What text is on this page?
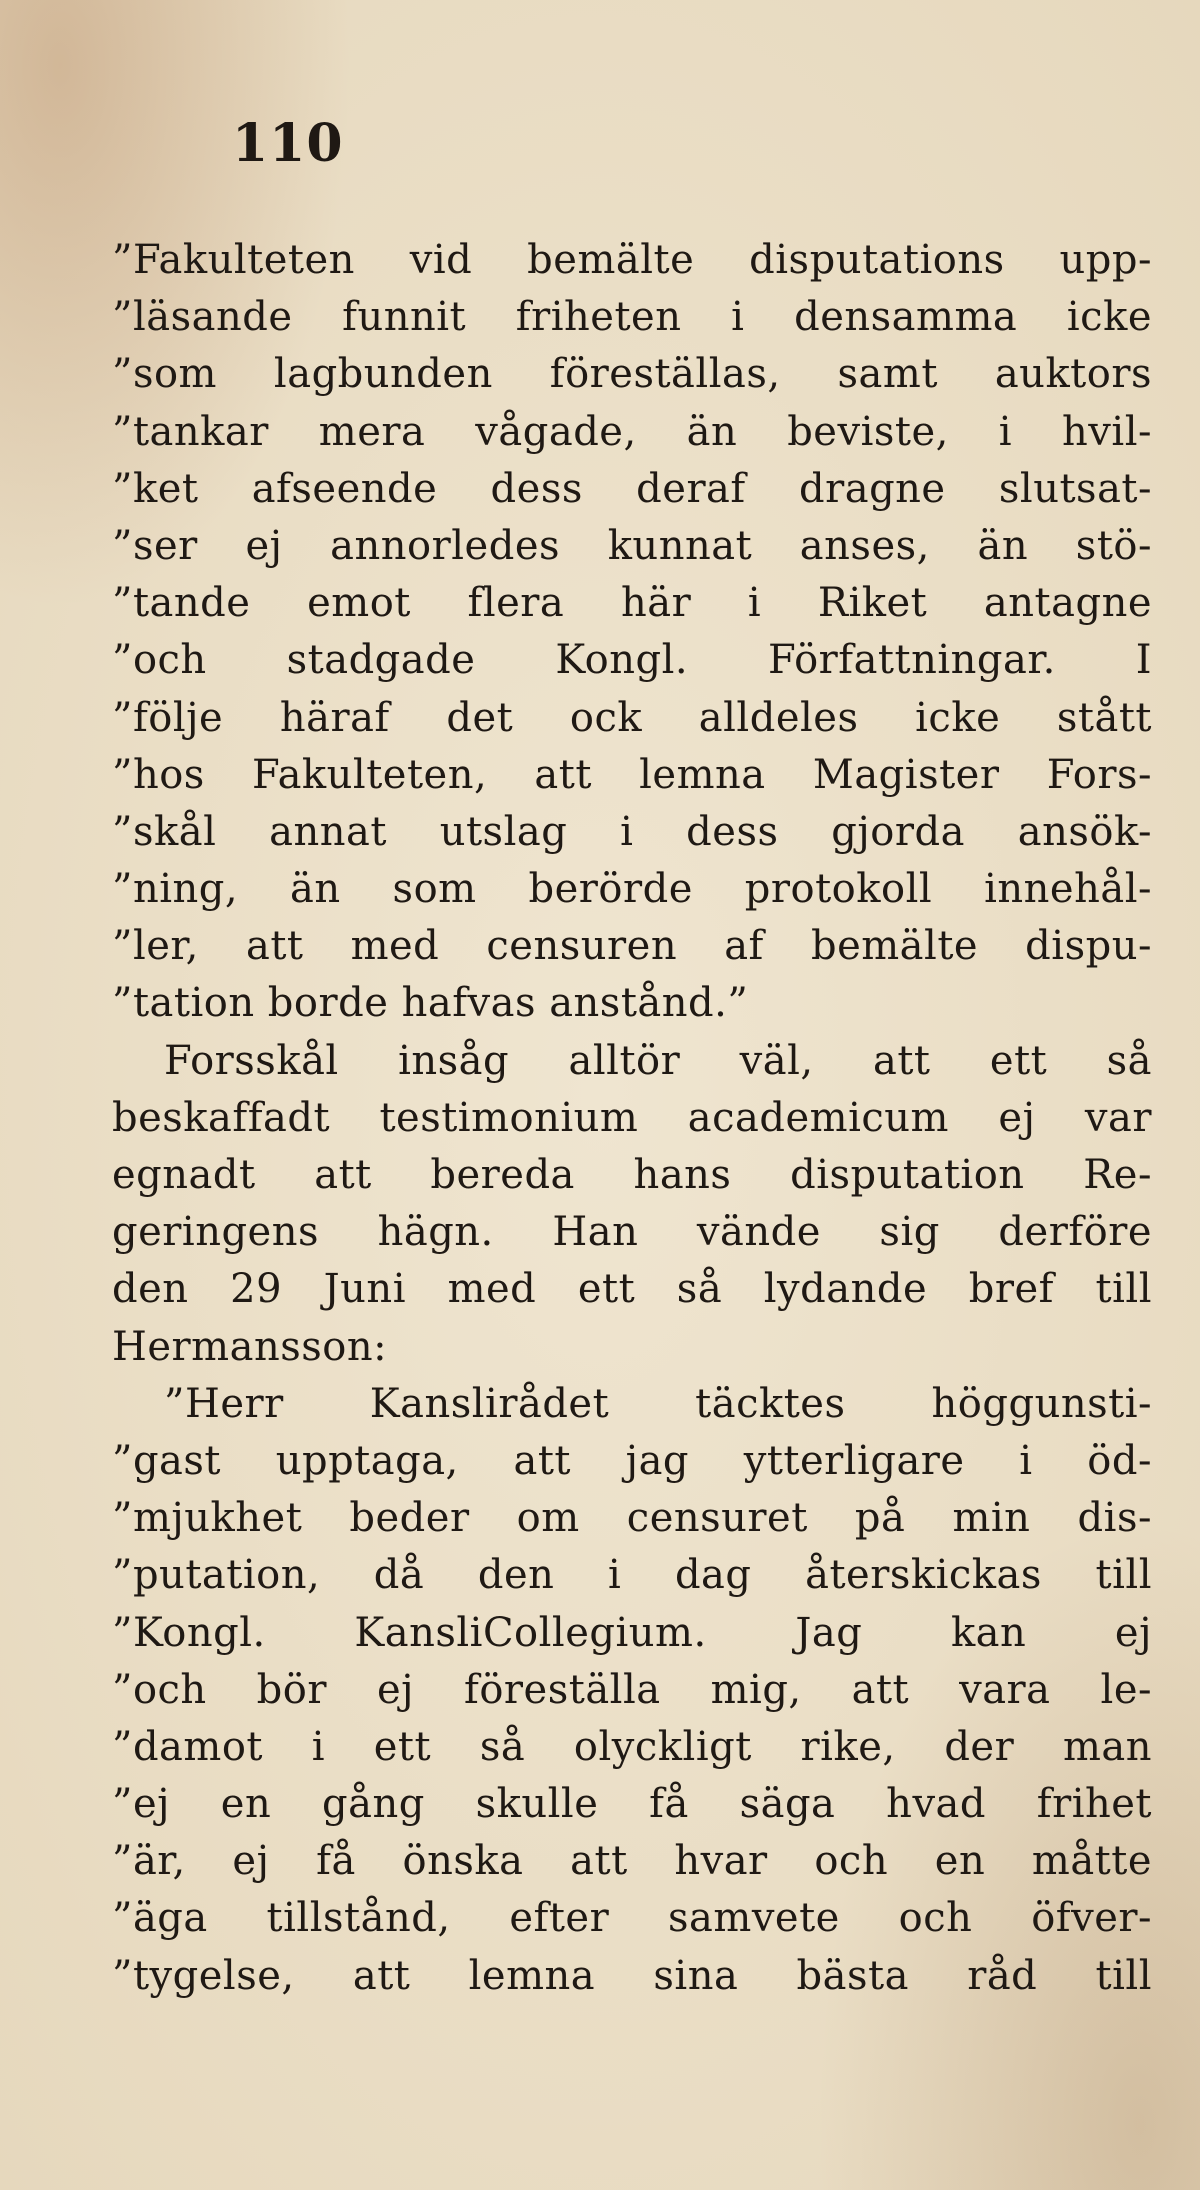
110
”Fakulteten vid bemälte disputations upp-
”läsande funnit friheten i densamma icke
”som lagbunden föreställas, samt auktors
”tankar mera vågade, än beviste, i hvil-
”ket afseende dess deraf dragne slutsat-
”ser ej annorledes kunnat anses, än stö-
”tande emot flera här i Riket antagne
”och stadgade Kongl. Författningar. I
”följe häraf det ock alldeles icke stått
”hos Fakulteten, att lemna Magister Fors-
”skål annat utslag i dess gjorda ansök-
”ning, än som berörde protokoll innehål-
”ler, att med censuren af bemälte dispu-
”tation borde hafvas anstånd.”
Forsskål insåg alltör väl, att ett så
beskaffadt testimonium academicum ej var
egnadt att bereda hans disputation Re-
geringens hägn. Han vände sig derföre
den 29 Juni med ett så lydande bref till
Hermansson:
”Herr Kanslirådet täcktes höggunsti-
”gast upptaga, att jag ytterligare i öd-
”mjukhet beder om censuret på min dis-
”putation, då den i dag återskickas till
”Kongl. KansliCollegium. Jag kan ej
”och bör ej föreställa mig, att vara le-
”damot i ett så olyckligt rike, der man
”ej en gång skulle få säga hvad frihet
”är, ej få önska att hvar och en måtte
”äga tillstånd, efter samvete och öfver-
”tygelse, att lemna sina bästa råd till
